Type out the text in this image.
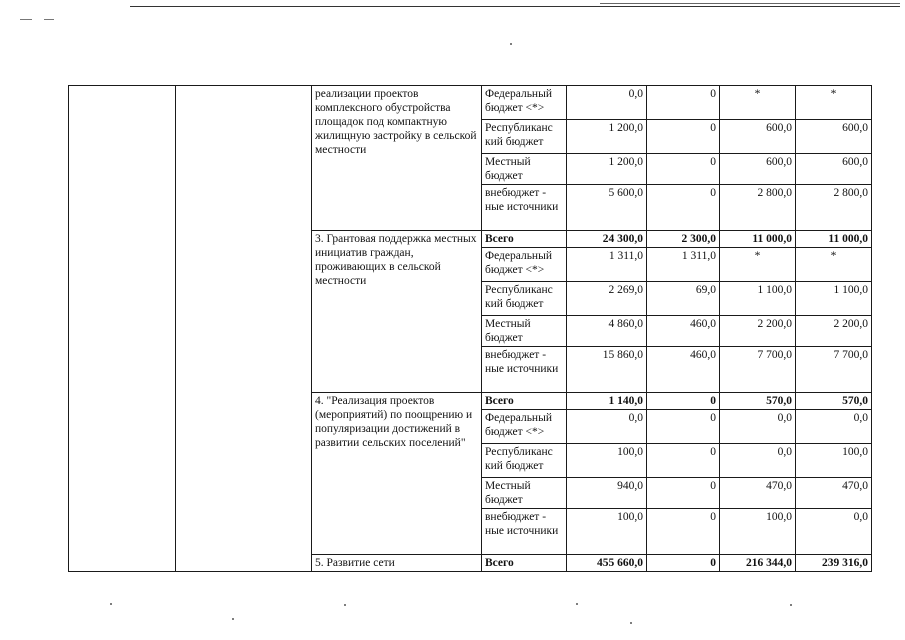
		реализации проектов комплексного обустройства площадок под компактную жилищную застройку в сельской местности	Федеральный бюджет <*>	0,0	0	*	*
			Республиканс кий бюджет	1 200,0	0	600,0	600,0
			Местный бюджет	1 200,0	0	600,0	600,0
			внебюджет - ные источники	5 600,0	0	2 800,0	2 800,0
		3. Грантовая поддержка местных инициатив граждан, проживающих в сельской местности	Всего	24 300,0	2 300,0	11 000,0	11 000,0
			Федеральный бюджет <*>	1 311,0	1 311,0	*	*
			Республиканс кий бюджет	2 269,0	69,0	1 100,0	1 100,0
			Местный бюджет	4 860,0	460,0	2 200,0	2 200,0
			внебюджет - ные источники	15 860,0	460,0	7 700,0	7 700,0
		4. "Реализация проектов (мероприятий) по поощрению и популяризации достижений в развитии сельских поселений"	Всего	1 140,0	0	570,0	570,0
			Федеральный бюджет <*>	0,0	0	0,0	0,0
			Республиканс кий бюджет	100,0	0	0,0	100,0
			Местный бюджет	940,0	0	470,0	470,0
			внебюджет - ные источники	100,0	0	100,0	0,0
		5. Развитие сети	Всего	455 660,0	0	216 344,0	239 316,0
